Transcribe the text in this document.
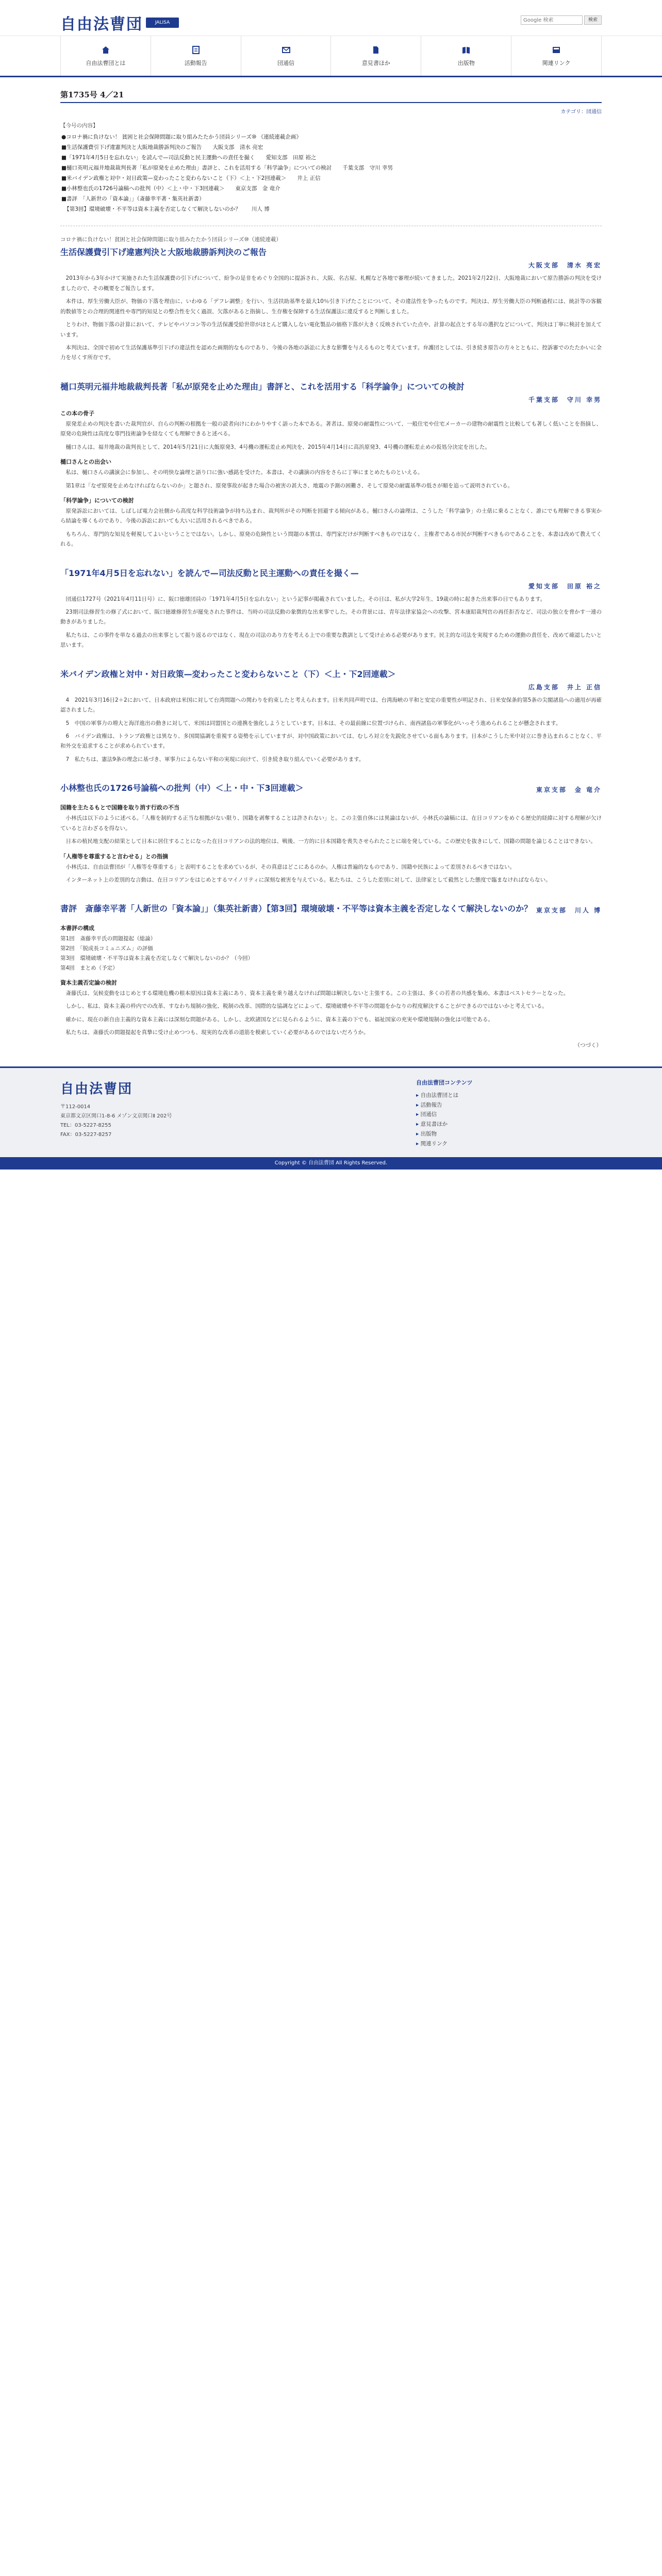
自由法曹団	JALISA
Google 検索	検索
自由法曹団とは	活動報告	団通信	意見書ほか	出版物	関連リンク
第1735号 4／21
カテゴリ：団通信
【今号の内容】
●コロナ禍に負けない！ 貧困と社会保障問題に取り組みたたかう団員シリーズ⑩ 《連続連載企画》
■生活保護費引下げ違憲判決と大阪地裁勝訴判決のご報告　　大阪支部　清水 亮宏
■「1971年4月5日を忘れない」を読んで—司法反動と民主運動への責任を撮く　　愛知支部　田原 裕之
■樋口英明元福井地裁裁判長著「私が原発を止めた理由」書評と、これを活用する「科学論争」についての検討　　千葉支部　守川 幸男
■米バイデン政権と対中・対日政策—変わったこと変わらないこと（下）＜上・下2回連載＞　　井上 正信
■小林整也氏の1726号論稿への批判（中）＜上・中・下3回連載＞　　東京支部　金 竜介
■書評　「人新世の「資本論」」（斎藤幸平著・集英社新書）
　【第3回】環境破壊・不平等は資本主義を否定しなくて解決しないのか？　　川人 博
コロナ禍に負けない！貧困と社会保障問題に取り組みたたかう団員シリーズ⑩（連続連載）
生活保護費引下げ違憲判決と大阪地裁勝訴判決のご報告
大阪支部　清水 亮宏

2013年から3年かけて実施された生活保護費の引下げについて、紛争の是非をめぐり全国的に提訴され、大阪、名古屋、札幌など各地で審理が続いてきました。2021年2月22日、大阪地裁において原告勝訴の判決を受けましたので、その概要をご報告します。

本件は、厚生労働大臣が、物価の下落を理由に、いわゆる「デフレ調整」を行い、生活扶助基準を最大10％引き下げたことについて、その違法性を争ったものです。判決は、厚生労働大臣の判断過程には、統計等の客観的数値等との合理的関連性や専門的知見との整合性を欠く過誤、欠落があると指摘し、生存権を保障する生活保護法に違反すると判断しました。

とりわけ、物価下落の計算において、テレビやパソコン等の生活保護受給世帯がほとんど購入しない電化製品の価格下落が大きく反映されていた点や、計算の起点とする年の選択などについて、判決は丁寧に検討を加えています。

本判決は、全国で初めて生活保護基準引下げの違法性を認めた画期的なものであり、今後の各地の訴訟に大きな影響を与えるものと考えています。弁護団としては、引き続き原告の方々とともに、控訴審でのたたかいに全力を尽くす所存です。

樋口英明元福井地裁裁判長著「私が原発を止めた理由」書評と、これを活用する「科学論争」についての検討
千葉支部　守川 幸男
この本の骨子

原発差止めの判決を書いた裁判官が、自らの判断の根拠を一般の読者向けにわかりやすく語った本である。著者は、原発の耐震性について、一般住宅や住宅メーカーの建物の耐震性と比較しても著しく低いことを指摘し、原発の危険性は高度な専門技術論争を経なくても理解できると述べる。

樋口さんは、福井地裁の裁判長として、2014年5月21日に大飯原発3、4号機の運転差止め判決を、2015年4月14日に高浜原発3、4号機の運転差止めの仮処分決定を出した。

樋口さんとの出会い

私は、樋口さんの講演会に参加し、その明快な論理と語り口に強い感銘を受けた。本書は、その講演の内容をさらに丁寧にまとめたものといえる。

第1章は「なぜ原発を止めなければならないのか」と題され、原発事故が起きた場合の被害の甚大さ、地震の予測の困難さ、そして原発の耐震基準の低さが順を追って説明されている。

「科学論争」についての検討

原発訴訟においては、しばしば電力会社側から高度な科学技術論争が持ち込まれ、裁判所がその判断を回避する傾向がある。樋口さんの論理は、こうした「科学論争」の土俵に乗ることなく、誰にでも理解できる事実から結論を導くものであり、今後の訴訟においても大いに活用されるべきである。

もちろん、専門的な知見を軽視してよいということではない。しかし、原発の危険性という問題の本質は、専門家だけが判断すべきものではなく、主権者である市民が判断すべきものであることを、本書は改めて教えてくれる。

「1971年4月5日を忘れない」を読んで—司法反動と民主運動への責任を撮く—
愛知支部　田原 裕之

団通信1727号（2021年4月11日号）に、阪口徳雄団員の「1971年4月5日を忘れない」という記事が掲載されていました。その日は、私が大学2年生、19歳の時に起きた出来事の日でもあります。

23期司法修習生の修了式において、阪口徳雄修習生が罷免された事件は、当時の司法反動の象徴的な出来事でした。その背景には、青年法律家協会への攻撃、宮本康昭裁判官の再任拒否など、司法の独立を脅かす一連の動きがありました。

私たちは、この事件を単なる過去の出来事として振り返るのではなく、現在の司法のあり方を考える上での重要な教訓として受け止める必要があります。民主的な司法を実現するための運動の責任を、改めて確認したいと思います。

米バイデン政権と対中・対日政策—変わったこと変わらないこと（下）＜上・下2回連載＞
広島支部　井上 正信

4　2021年3月16日2＋2において、日本政府は米国に対して台湾問題への関わりを約束したと考えられます。日米共同声明では、台湾海峡の平和と安定の重要性が明記され、日米安保条約第5条の尖閣諸島への適用が再確認されました。

5　中国の軍事力の増大と海洋進出の動きに対して、米国は同盟国との連携を強化しようとしています。日本は、その最前線に位置づけられ、南西諸島の軍事化がいっそう進められることが懸念されます。

6　バイデン政権は、トランプ政権とは異なり、多国間協調を重視する姿勢を示していますが、対中国政策においては、むしろ対立を先鋭化させている面もあります。日本がこうした米中対立に巻き込まれることなく、平和外交を追求することが求められています。

7　私たちは、憲法9条の理念に基づき、軍事力によらない平和の実現に向けて、引き続き取り組んでいく必要があります。

小林整也氏の1726号論稿への批判（中）＜上・中・下3回連載＞	東京支部　金 竜介
国籍を主たるもとで国籍を取り消す行政の不当

小林氏は以下のように述べる。「人権を制約する正当な根拠がない限り、国籍を剥奪することは許されない」と。この主張自体には異論はないが、小林氏の論稿には、在日コリアンをめぐる歴史的経緯に対する理解が欠けていると言わざるを得ない。

日本の植民地支配の結果として日本に居住することになった在日コリアンの法的地位は、戦後、一方的に日本国籍を喪失させられたことに端を発している。この歴史を抜きにして、国籍の問題を論じることはできない。

「人権等を尊重すると言わせる」との指摘

小林氏は、自由法曹団が「人権等を尊重する」と表明することを求めているが、その真意はどこにあるのか。人権は普遍的なものであり、国籍や民族によって差別されるべきではない。

インターネット上の差別的な言動は、在日コリアンをはじめとするマイノリティに深刻な被害を与えている。私たちは、こうした差別に対して、法律家として毅然とした態度で臨まなければならない。

書評　斎藤幸平著「人新世の「資本論」」（集英社新書）【第3回】環境破壊・不平等は資本主義を否定しなくて解決しないのか？ 東京支部　川人 博
本書評の構成
第1回　斎藤幸平氏の問題提起（総論）
第2回　「脱成長コミュニズム」の評価
第3回　環境破壊・不平等は資本主義を否定しなくて解決しないのか？（今回）
第4回　まとめ（予定）
資本主義否定論の検討

斎藤氏は、気候変動をはじめとする環境危機の根本原因は資本主義にあり、資本主義を乗り越えなければ問題は解決しないと主張する。この主張は、多くの若者の共感を集め、本書はベストセラーとなった。

しかし、私は、資本主義の枠内での改革、すなわち規制の強化、税制の改革、国際的な協調などによって、環境破壊や不平等の問題をかなりの程度解決することができるのではないかと考えている。

確かに、現在の新自由主義的な資本主義には深刻な問題がある。しかし、北欧諸国などに見られるように、資本主義の下でも、福祉国家の充実や環境規制の強化は可能である。

私たちは、斎藤氏の問題提起を真摯に受け止めつつも、現実的な改革の道筋を模索していく必要があるのではないだろうか。

（つづく）
自由法曹団
〒112-0014
東京都文京区関口1-8-6 メゾン文京関口Ⅱ 202号
TEL：03-5227-8255
FAX：03-5227-8257
自由法曹団コンテンツ
▸ 自由法曹団とは
▸ 活動報告
▸ 団通信
▸ 意見書ほか
▸ 出版物
▸ 関連リンク
Copyright © 自由法曹団 All Rights Reserved.
